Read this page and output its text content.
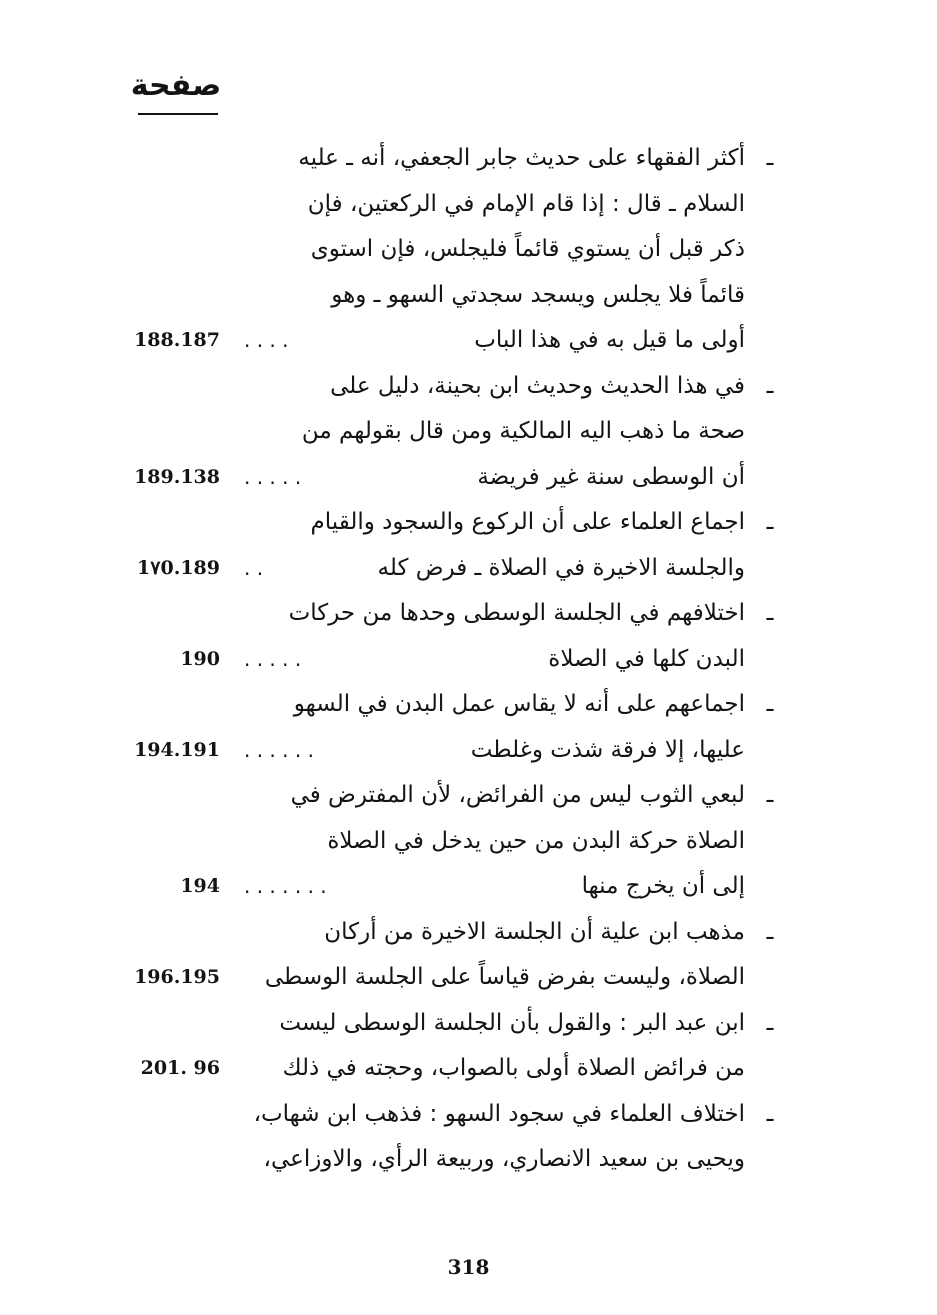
صفحة
ـ
أكثر الفقهاء على حديث جابر الجعفي، أنه ـ عليه
السلام ـ قال : إذا قام الإمام في الركعتين، فإن
ذكر قبل أن يستوي قائماً فليجلس، فإن استوى
قائماً فلا يجلس ويسجد سجدتي السهو ـ وهو
أولى ما قيل به في هذا الباب
. . . .
188.187
ـ
في هذا الحديث وحديث ابن بحينة، دليل على
صحة ما ذهب اليه المالكية ومن قال بقولهم من
أن الوسطى سنة غير فريضة
. . . . .
189.138
ـ
اجماع العلماء على أن الركوع والسجود والقيام
والجلسة الاخيرة في الصلاة ـ فرض كله
. .
1٧0.189
ـ
اختلافهم في الجلسة الوسطى وحدها من حركات
البدن كلها في الصلاة
. . . . .
190
ـ
اجماعهم على أنه لا يقاس عمل البدن في السهو
عليها، إلا فرقة شذت وغلطت
. . . . . .
194.191
ـ
لبعي الثوب ليس من الفرائض، لأن المفترض في
الصلاة حركة البدن من حين يدخل في الصلاة
إلى أن يخرج منها
. . . . . . .
194
ـ
مذهب ابن علية أن الجلسة الاخيرة من أركان
الصلاة، وليست بفرض قياساً على الجلسة الوسطى
196.195
ـ
ابن عبد البر : والقول بأن الجلسة الوسطى ليست
من فرائض الصلاة أولى بالصواب، وحجته في ذلك
201. 96
ـ
اختلاف العلماء في سجود السهو : فذهب ابن شهاب،
ويحيى بن سعيد الانصاري، وربيعة الرأي، والاوزاعي،
318
